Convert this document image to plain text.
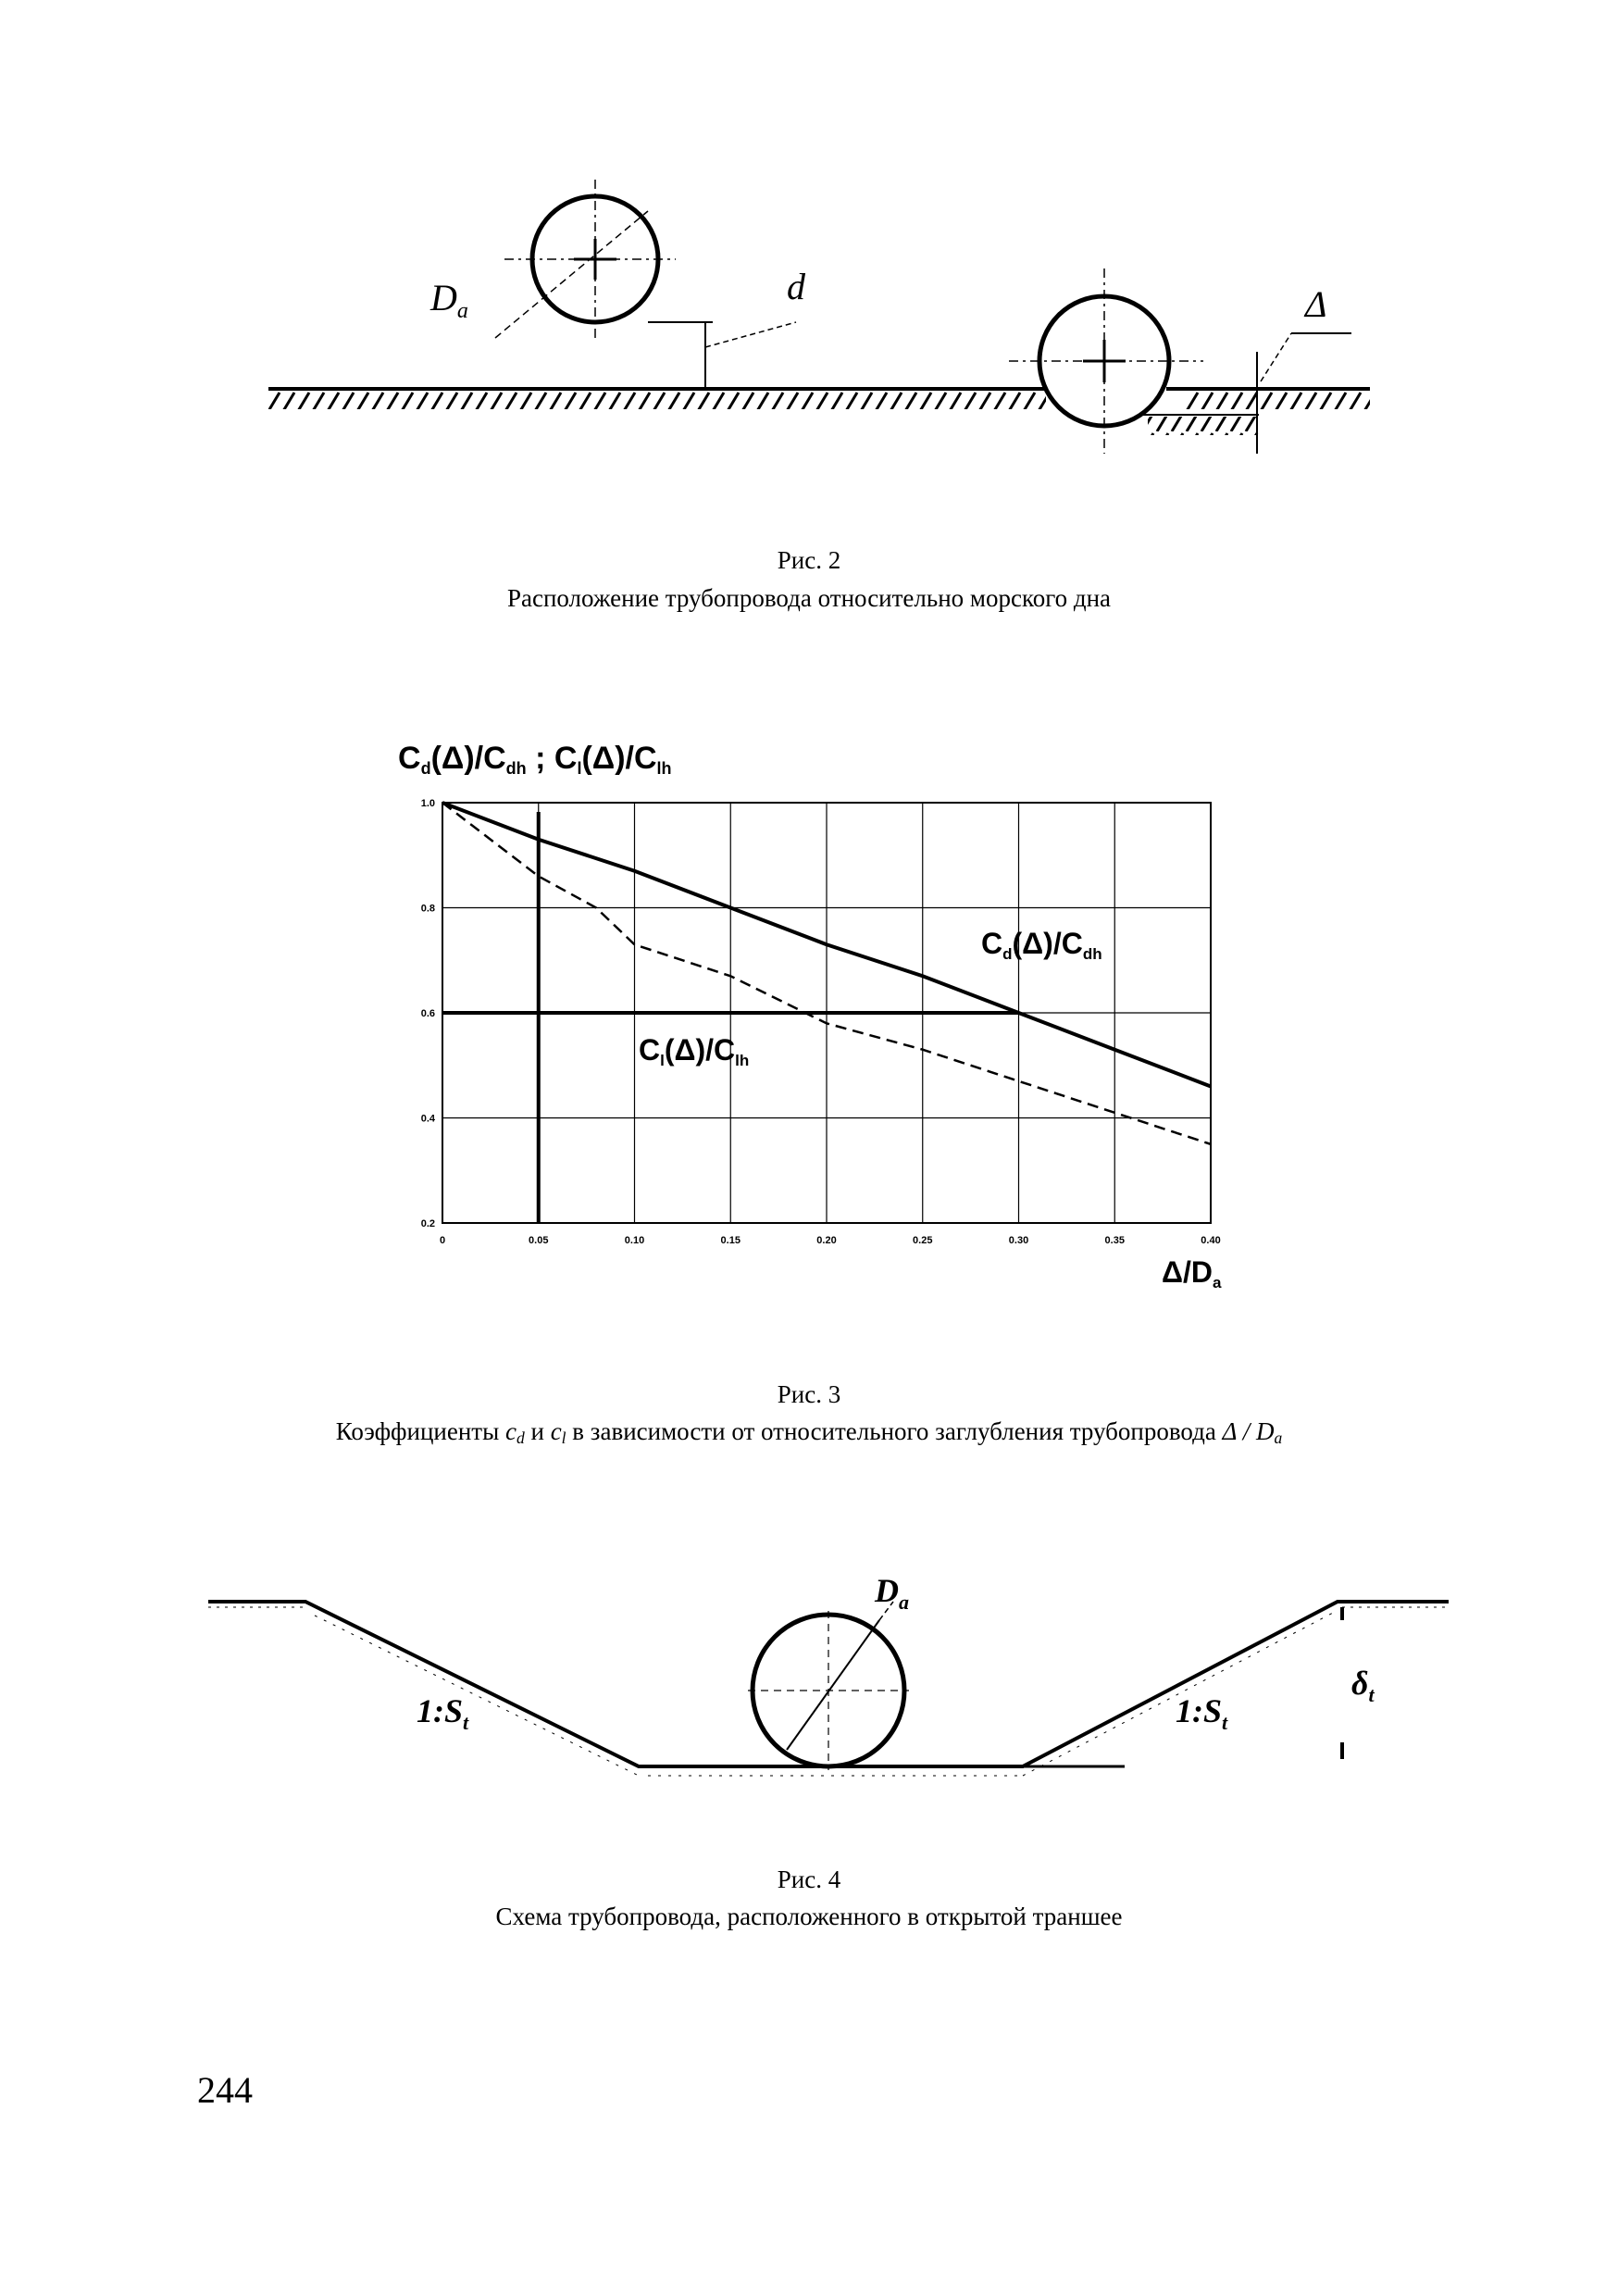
$D_a$
d	Δ
Рис. 2
Расположение трубопровода относительно морского дна
0	0.05	0.10	0.15	0.20	0.25	0.30	0.35	0.40
1.0
0.8
0.6
0.4
0.2
Cd(Δ)/Cdh ; Cl(Δ)/Clh
Cd(Δ)/Cdh
Cl(Δ)/Clh
Δ/Da
Рис. 3
Коэффициенты $c_d$ и $c_l$ в зависимости от относительного заглубления трубопровода Δ / $D_a$
$D_a$
$1:S_t$	$1:S_t$
$\delta_t$
Рис. 4
Схема трубопровода, расположенного в открытой траншее
244
